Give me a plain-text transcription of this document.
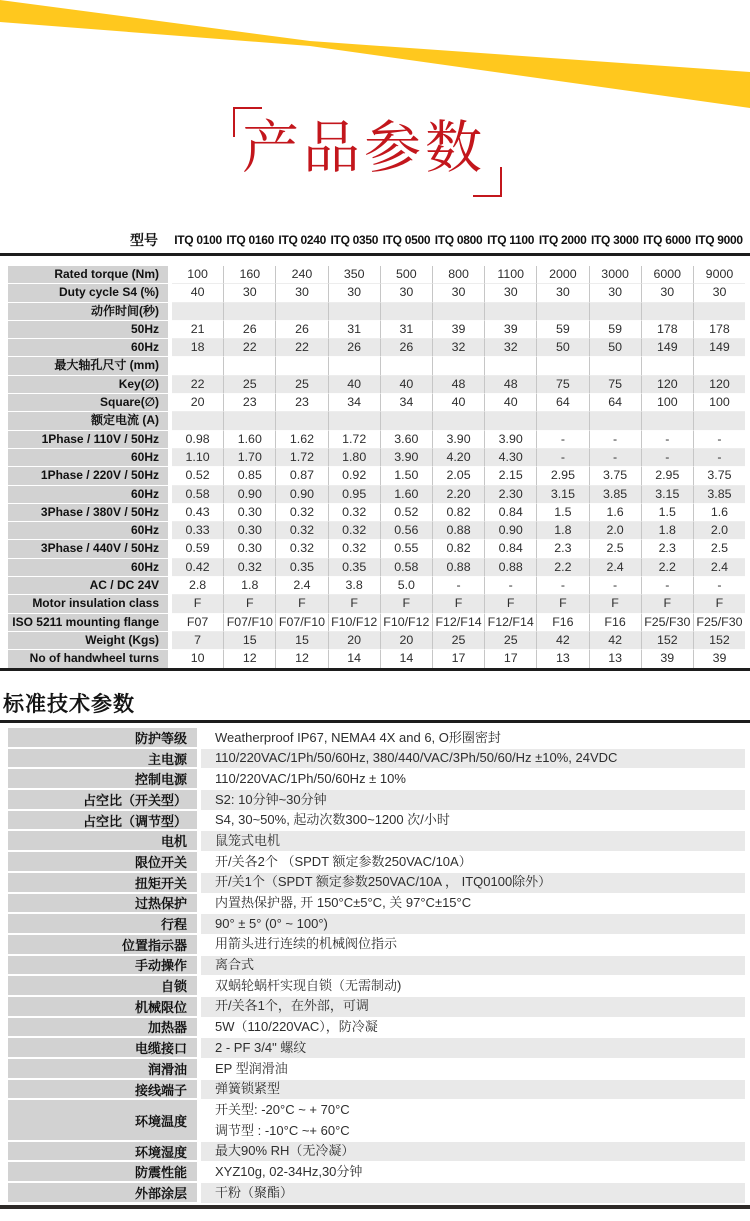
产品参数
型号	ITQ 0100 ITQ 0160 ITQ 0240 ITQ 0350 ITQ 0500 ITQ 0800 ITQ 1100 ITQ 2000 ITQ 3000 ITQ 6000 ITQ 9000
Rated torque (Nm)	100	160	240	350	500	800	1100	2000	3000	6000	9000
Duty cycle S4 (%)	40	30	30	30	30	30	30	30	30	30	30
动作时间(秒)
50Hz	21	26	26	31	31	39	39	59	59	178	178
60Hz	18	22	22	26	26	32	32	50	50	149	149
最大轴孔尺寸 (mm)
Key(∅)	22	25	25	40	40	48	48	75	75	120	120
Square(∅)	20	23	23	34	34	40	40	64	64	100	100
额定电流 (A)
1Phase / 110V / 50Hz	0.98	1.60	1.62	1.72	3.60	3.90	3.90	-	-	-	-
60Hz	1.10	1.70	1.72	1.80	3.90	4.20	4.30	-	-	-	-
1Phase / 220V / 50Hz	0.52	0.85	0.87	0.92	1.50	2.05	2.15	2.95	3.75	2.95	3.75
60Hz	0.58	0.90	0.90	0.95	1.60	2.20	2.30	3.15	3.85	3.15	3.85
3Phase / 380V / 50Hz	0.43	0.30	0.32	0.32	0.52	0.82	0.84	1.5	1.6	1.5	1.6
60Hz	0.33	0.30	0.32	0.32	0.56	0.88	0.90	1.8	2.0	1.8	2.0
3Phase / 440V / 50Hz	0.59	0.30	0.32	0.32	0.55	0.82	0.84	2.3	2.5	2.3	2.5
60Hz	0.42	0.32	0.35	0.35	0.58	0.88	0.88	2.2	2.4	2.2	2.4
AC / DC 24V	2.8	1.8	2.4	3.8	5.0	-	-	-	-	-	-
Motor insulation class	F	F	F	F	F	F	F	F	F	F	F
ISO 5211 mounting flange	F07	F07/F10 F07/F10 F10/F12 F10/F12 F12/F14 F12/F14	F16	F16	F25/F30 F25/F30
Weight (Kgs)	7	15	15	20	20	25	25	42	42	152	152
No of handwheel turns	10	12	12	14	14	17	17	13	13	39	39
标准技术参数
防护等级	Weatherproof IP67, NEMA4 4X and 6, O形圈密封
主电源	110/220VAC/1Ph/50/60Hz, 380/440/VAC/3Ph/50/60/Hz ±10%, 24VDC
控制电源	110/220VAC/1Ph/50/60Hz ± 10%
占空比（开关型）	S2: 10分钟~30分钟
占空比（调节型）	S4, 30~50%, 起动次数300~1200 次/小时
电机	鼠笼式电机
限位开关	开/关各2个 （SPDT 额定参数250VAC/10A）
扭矩开关	开/关1个（SPDT 额定参数250VAC/10A ， ITQ0100除外）
过热保护	内置热保护器, 开 150°C±5°C, 关 97°C±15°C
行程	90° ± 5° (0° ~ 100°)
位置指示器	用箭头进行连续的机械阀位指示
手动操作	离合式
自锁	双蜗轮蜗杆实现自锁（无需制动)
机械限位	开/关各1个，在外部，可调
加热器	5W（110/220VAC），防冷凝
电缆接口	2 - PF 3/4" 螺纹
润滑油	EP 型润滑油
接线端子	弹簧锁紧型
环境温度
开关型: -20°C ~ + 70°C
调节型 : -10°C ~+ 60°C
环境湿度	最大90% RH（无冷凝）
防震性能	XYZ10g, 02-34Hz,30分钟
外部涂层	干粉（聚酯）
